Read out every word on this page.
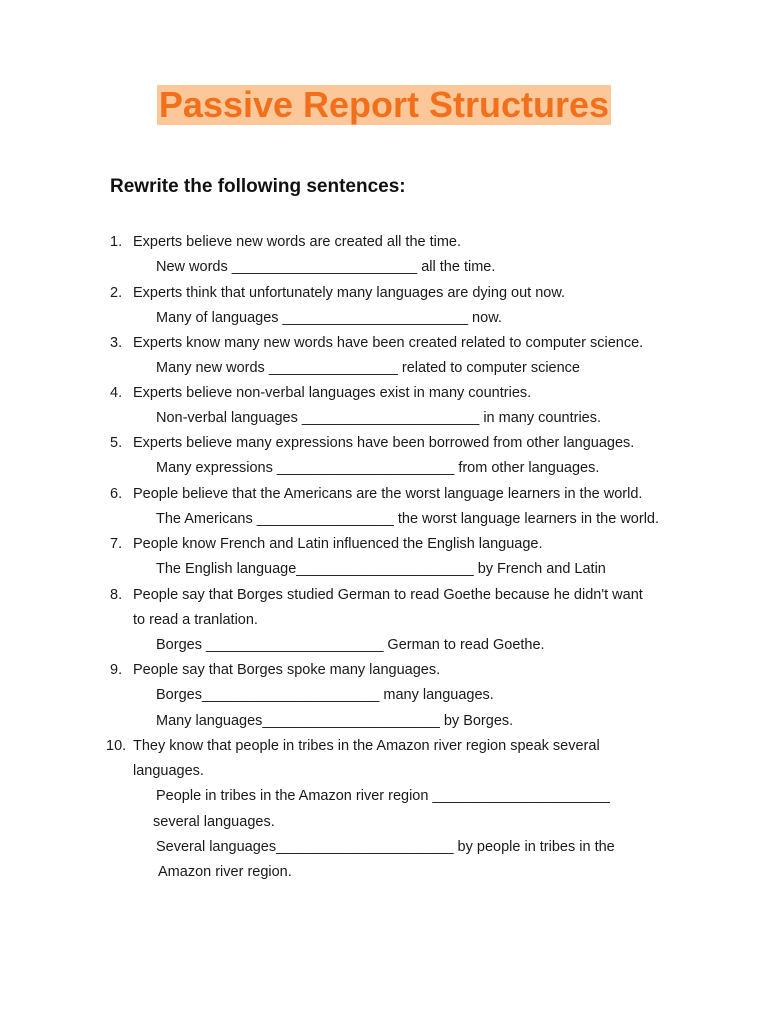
Passive Report Structures
Rewrite the following sentences:
1. Experts believe new words are created all the time.
New words _______________________ all the time.
2. Experts think that unfortunately many languages are dying out now.
Many of languages _______________________ now.
3. Experts know many new words have been created related to computer science.
Many new words ________________ related to computer science
4. Experts believe non-verbal languages exist in many countries.
Non-verbal languages ______________________ in many countries.
5. Experts believe many expressions have been borrowed from other languages.
Many expressions ______________________ from other languages.
6. People believe that the Americans are the worst language learners in the world.
The Americans _________________ the worst language learners in the world.
7. People know French and Latin influenced the English language.
The English language______________________ by French and Latin
8. People say that Borges studied German to read Goethe because he didn't want
to read a tranlation.
Borges ______________________ German to read Goethe.
9. People say that Borges spoke many languages.
Borges______________________ many languages.
Many languages______________________ by Borges.
10. They know that people in tribes in the Amazon river region speak several
languages.
People in tribes in the Amazon river region ______________________
several languages.
Several languages______________________ by people in tribes in the
Amazon river region.
